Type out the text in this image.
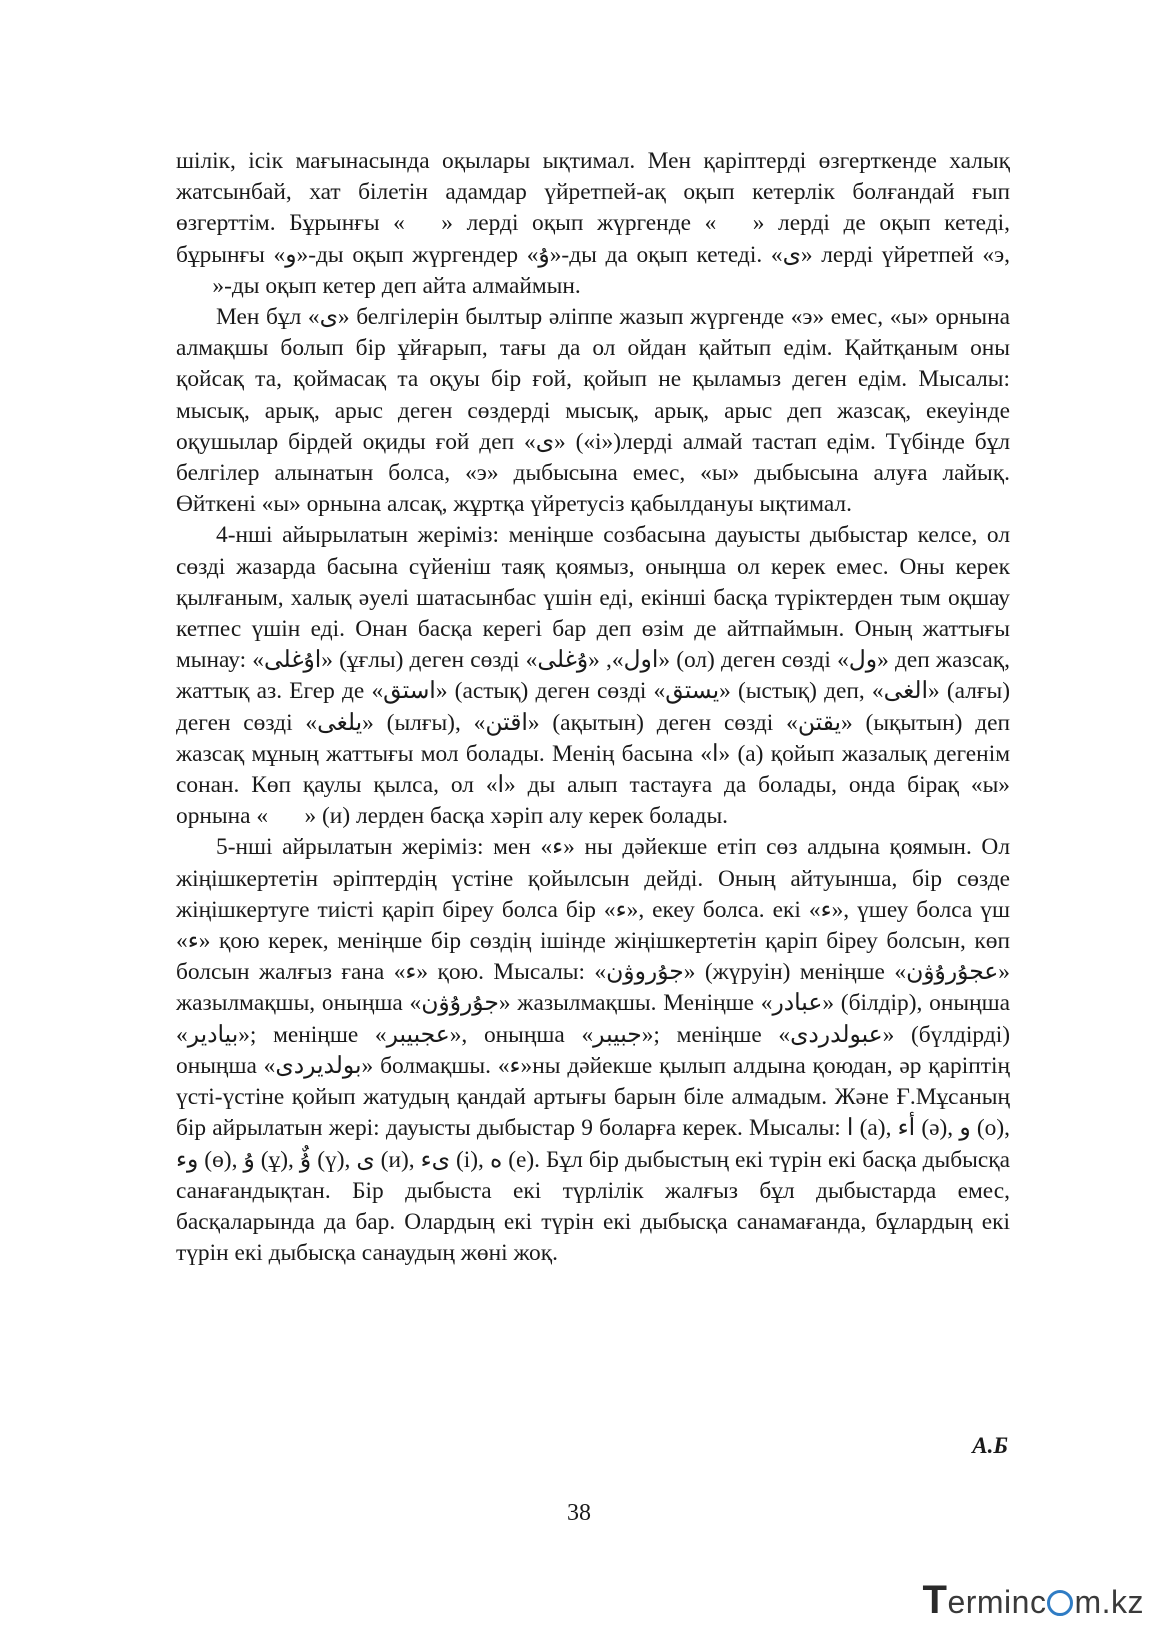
шілік, ісік мағынасында оқылары ықтимал. Мен қаріптерді өзгерткенде халық жатсынбай, хат білетін адамдар үйретпей-ақ оқып кетерлік болғандай ғып өзгерттім. Бұрынғы «ىٖ» лерді оқып жүргенде «ىٖ» лерді де оқып кетеді, бұрынғы «و»-ды оқып жүргендер «ۇ»-ды да оқып кетеді. «ى» лерді үйретпей «э, ىٖ»-ды оқып кетер деп айта алмаймын.

Мен бұл «ى» белгілерін былтыр әліппе жазып жүргенде «э» емес, «ы» орнына алмақшы болып бір ұйғарып, тағы да ол ойдан қайтып едім. Қайтқаным оны қойсақ та, қоймасақ та оқуы бір ғой, қойып не қыламыз деген едім. Мысалы: мысық, арық, арыс деген сөздерді мысық, арық, арыс деп жазсақ, екеуінде оқушылар бірдей оқиды ғой деп «ى» («і»)лерді алмай тастап едім. Түбінде бұл белгілер алынатын болса, «э» дыбысына емес, «ы» дыбысына алуға лайық. Өйткені «ы» орнына алсақ, жұртқа үйретусіз қабылдануы ықтимал.

4-нші айырылатын жеріміз: меніңше созбасына дауысты дыбыстар келсе, ол сөзді жазарда басына сүйеніш таяқ қоямыз, оныңша ол керек емес. Оны керек қылғаным, халық әуелі шатасынбас үшін еді, екінші басқа түріктерден тым оқшау кетпес үшін еді. Онан басқа керегі бар деп өзім де айтпаймын. Оның жаттығы мынау: «اۇغلى» (ұғлы) деген сөзді «اول», «ۇغلى» (ол) деген сөзді «ول» деп жазсақ, жаттық аз. Егер де «استق» (астық) деген сөзді «يستق» (ыстық) деп, «الغى» (алғы) деген сөзді «يلغى» (ылғы), «اقتن» (ақытын) деген сөзді «يقتن» (ықытын) деп жазсақ мұның жаттығы мол болады. Менің басына «ا» (а) қойып жазалық дегенім сонан. Көп қаулы қылса, ол «ا» ды алып тастауға да болады, онда бірақ «ы» орнына «ىٖ» (и) лерден басқа хәріп алу керек болады.

5-нші айрылатын жеріміз: мен «ء» ны дәйекше етіп сөз алдына қоямын. Ол жіңішкертетін әріптердің үстіне қойылсын дейді. Оның айтуынша, бір сөзде жіңішкертуге тиісті қаріп біреу болса бір «ء», екеу болса. екі «ء», үшеу болса үш «ء» қою керек, меніңше бір сөздің ішінде жіңішкертетін қаріп біреу болсын, көп болсын жалғыз ғана «ء» қою. Мысалы: «جۇروۋن» (жүруін) меніңше «عجۇرۇۋن» жазылмақшы, оныңша «جۇرۇۋن» жазылмақшы. Меніңше «عبادر» (білдір), оныңша «بيادير»; меніңше «عجبيبر», оныңша «جبيبر»; меніңше «عبولدردى» (бүлдірді) оныңша «بولديردى» болмақшы. «ء»ны дәйекше қылып алдына қоюдан, әр қаріптің үсті-үстіне қойып жатудың қандай артығы барын біле алмадым. Және Ғ.Мұсаның бір айрылатын жері: дауысты дыбыстар 9 боларға керек. Мысалы: ا (а), أء (ә), و (о), وء (ө), ۇ (ұ), ۇٌ (ү), ى (и), ىء (і), ە (е). Бұл бір дыбыстың екі түрін екі басқа дыбысқа санағандықтан. Бір дыбыста екі түрлілік жалғыз бұл дыбыстарда емес, басқаларында да бар. Олардың екі түрін екі дыбысқа санамағанда, бұлардың екі түрін екі дыбысқа санаудың жөні жоқ.

А.Б
38
T ermin c m.kz
